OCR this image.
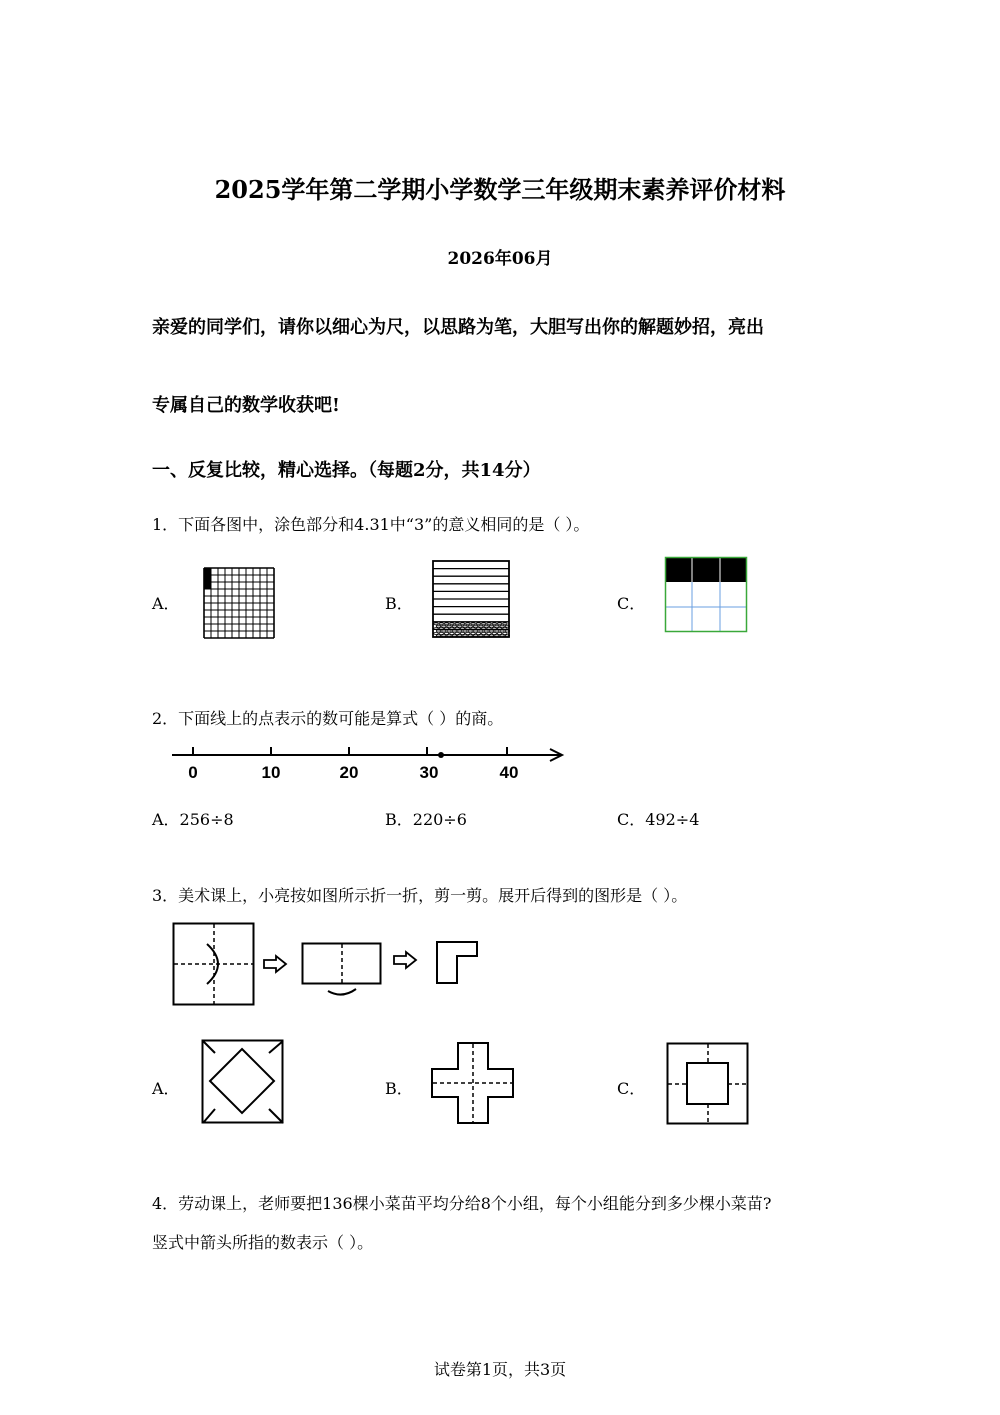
2025学年第二学期小学数学三年级期末素养评价材料
2026年06月
亲爱的同学们，请你以细心为尺，以思路为笔，大胆写出你的解题妙招，亮出
专属自己的数学收获吧!
一、反复比较，精心选择。（每题2分，共14分）
1．下面各图中，涂色部分和4.31中“3”的意义相同的是（ ）。
A．	B．	C．
2．下面线上的点表示的数可能是算式（ ）的商。
0	10	20	30	40
A．256÷8	B．220÷6	C．492÷4
3．美术课上，小亮按如图所示折一折，剪一剪。展开后得到的图形是（ ）。
A．	B．	C．
4．劳动课上，老师要把136棵小菜苗平均分给8个小组，每个小组能分到多少棵小菜苗?
竖式中箭头所指的数表示（ ）。
试卷第1页，共3页
